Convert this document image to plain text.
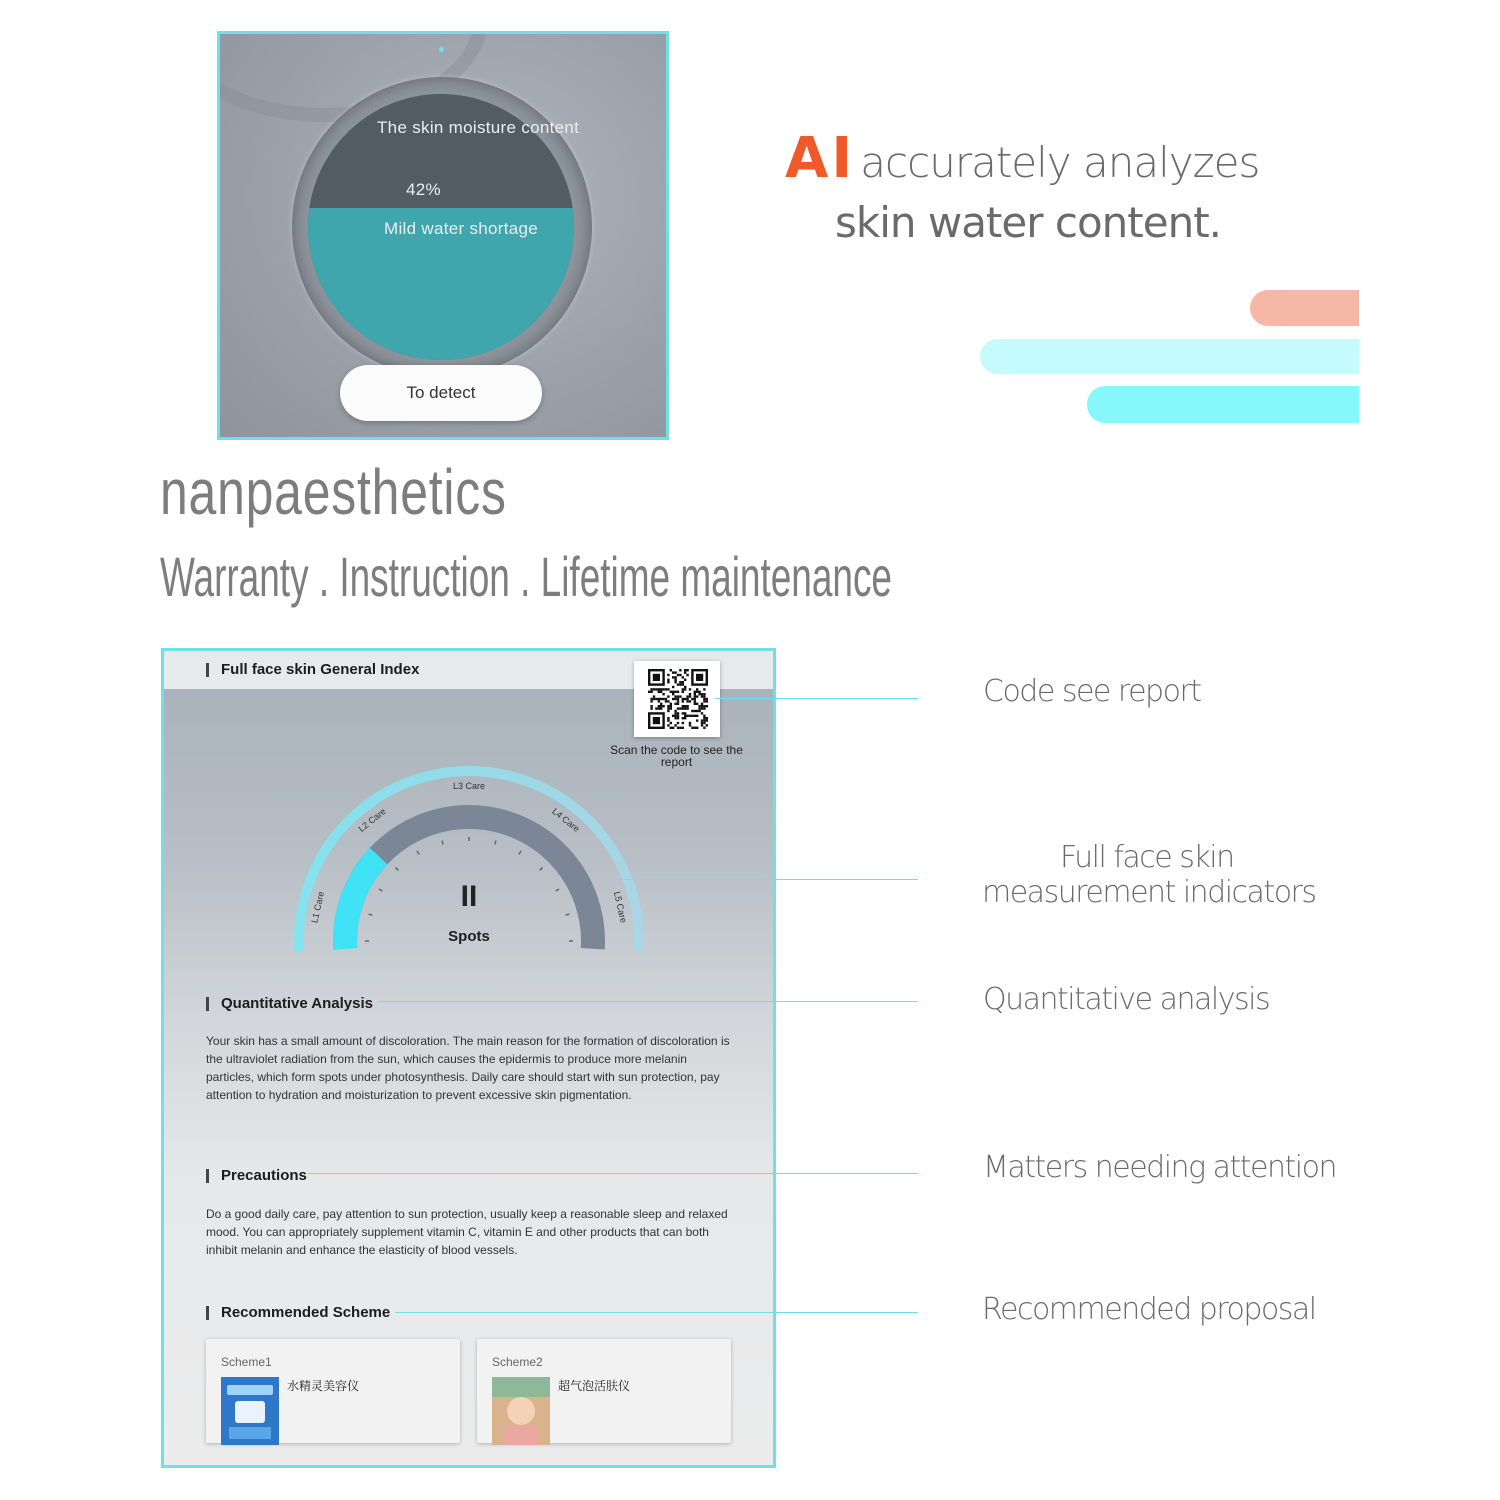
The skin moisture content
42%
Mild water shortage
To detect
AI accurately analyzes
skin water content.
nanpaesthetics
Warranty . Instruction . Lifetime maintenance
Full face skin General Index
Scan the code to see the report
L1 Care
L2 Care
L3 Care
L4 Care
L5 Care
II
Spots
Quantitative Analysis
Your skin has a small amount of discoloration. The main reason for the formation of discoloration is the ultraviolet radiation from the sun, which causes the epidermis to produce more melanin particles, which form spots under photosynthesis. Daily care should start with sun protection, pay attention to hydration and moisturization to prevent excessive skin pigmentation.
Precautions
Do a good daily care, pay attention to sun protection, usually keep a reasonable sleep and relaxed mood. You can appropriately supplement vitamin C, vitamin E and other products that can both inhibit melanin and enhance the elasticity of blood vessels.
Recommended Scheme
Scheme1
水精灵美容仪
Scheme2
超气泡活肤仪
Code see report
Full face skin
measurement indicators
Quantitative analysis
Matters needing attention
Recommended proposal
